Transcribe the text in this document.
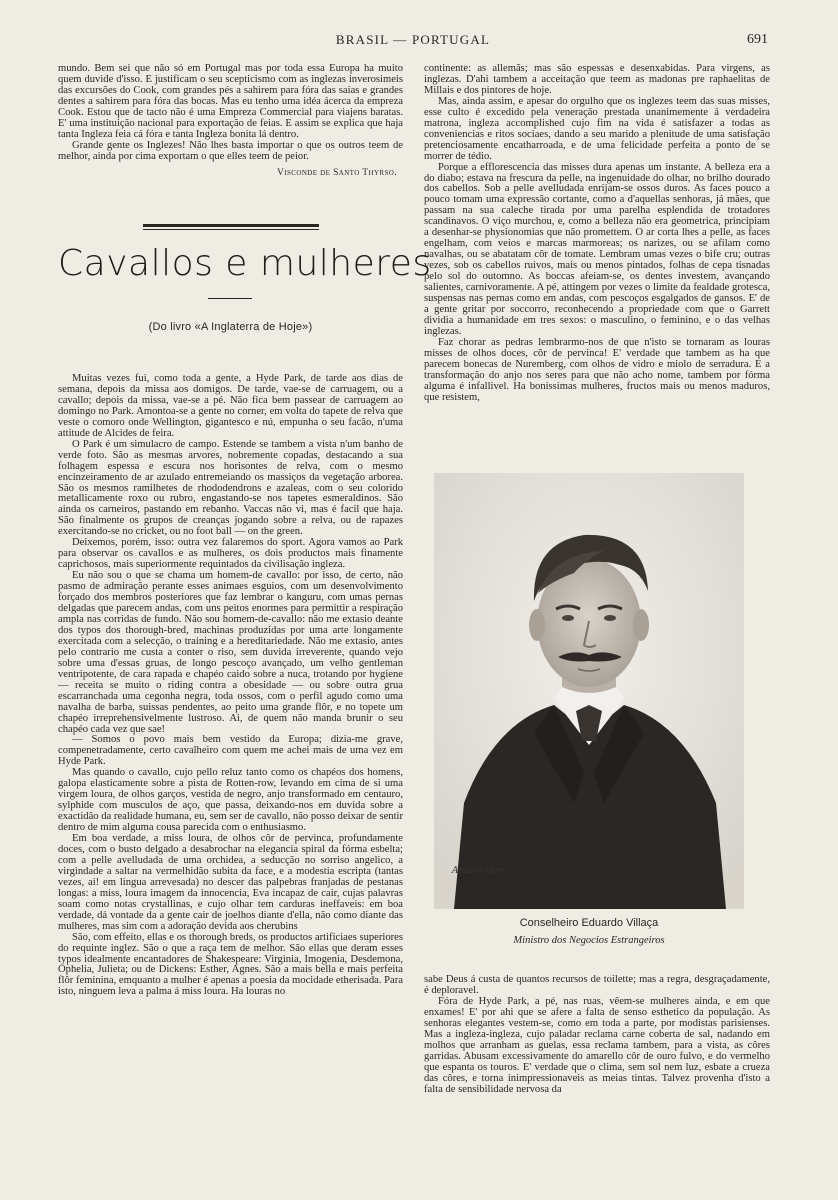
BRASIL — PORTUGAL	691

mundo. Bem sei que não só em Portugal mas por toda essa Europa ha muito quem duvide d'isso. E justificam o seu scepticismo com as inglezas inverosimeis das excursões do Cook, com grandes pés a sahirem para fóra das saias e grandes dentes a sahirem para fóra das bocas. Mas eu tenho uma idéa ácerca da empreza Cook. Estou que de tacto não é uma Empreza Commercial para viajens baratas. E' uma instituição nacional para exportação de feias. E assim se explica que haja tanta Ingleza feia cá fóra e tanta Ingleza bonita lá dentro.

Grande gente os Inglezes! Não lhes basta importar o que os outros teem de melhor, ainda por cima exportam o que elles teem de peior.

Visconde de Santo Thyrso.
Cavallos e mulheres
(Do livro «A Inglaterra de Hoje»)

Muitas vezes fui, como toda a gente, a Hyde Park, de tarde aos dias de semana, depois da missa aos domigos. De tarde, vae-se de carruagem, ou a cavallo; depois da missa, vae-se a pé. Não fica bem passear de carruagem ao domingo no Park. Amontoa-se a gente no corner, em volta do tapete de relva que veste o comoro onde Wellington, gigantesco e nú, empunha o seu facão, n'uma attitude de Alcides de feira.

O Park é um simulacro de campo. Estende se tambem a vista n'um banho de verde foto. São as mesmas arvores, nobremente copadas, destacando a sua folhagem espessa e escura nos horisontes de relva, com o mesmo encinzeiramento de ar azulado entremeiando os massiços da vegetação arborea. São os mesmos ramilhetes de rhododendrons e azaleas, com o seu colorido metallicamente roxo ou rubro, engastando-se nos tapetes esmeraldinos. São ainda os carneiros, pastando em rebanho. Vaccas não vi, mas é facil que haja. São finalmente os grupos de creanças jogando sobre a relva, ou de rapazes exercitando-se no cricket, ou no foot ball — on the green.

Deixemos, porém, isso: outra vez falaremos do sport. Agora vamos ao Park para observar os cavallos e as mulheres, os dois productos mais finamente caprichosos, mais superiormente requintados da civilisação ingleza.

Eu não sou o que se chama um homem-de cavallo: por isso, de certo, não pasmo de admiração perante esses animaes esguios, com um desenvolvimento forçado dos membros posteriores que faz lembrar o kanguru, com umas pernas delgadas que parecem andas, com uns peitos enormes para permittir a respiração ampla nas corridas de fundo. Não sou homem-de-cavallo: não me extasio deante dos typos dos thorough-bred, machinas produzidas por uma arte longamente exercitada com a selecção, o training e a hereditariedade. Não me extasio, antes pelo contrario me custa a conter o riso, sem duvida irreverente, quando vejo sobre uma d'essas gruas, de longo pescoço avançado, um velho gentleman ventripotente, de cara rapada e chapéo caido sobre a nuca, trotando por hygiene — receita se muito o riding contra a obesidade — ou sobre outra grua escarranchada uma cegonha negra, toda ossos, com o perfil agudo como uma navalha de barba, suissas pendentes, ao peito uma grande flôr, e no topete um chapéo irreprehensivelmente lustroso. Ai, de quem não manda brunir o seu chapéo cada vez que sae!

— Somos o povo mais bem vestido da Europa; dizia-me grave, compenetradamente, certo cavalheiro com quem me achei mais de uma vez em Hyde Park.

Mas quando o cavallo, cujo pello reluz tanto como os chapéos dos homens, galopa elasticamente sobre a pista de Rotten-row, levando em cima de si uma virgem loura, de olhos garços, vestida de negro, anjo transformado em centauro, sylphide com musculos de aço, que passa, deixando-nos em duvida sobre a exactidão da realidade humana, eu, sem ser de cavallo, não posso deixar de sentir dentro de mim alguma cousa parecida com o enthusiasmo.

Em boa verdade, a miss loura, de olhos côr de pervinca, profundamente doces, com o busto delgado a desabrochar na elegancia spiral da fórma esbelta; com a pelle avelludada de uma orchidea, a seducção no sorriso angelico, a virgindade a saltar na vermelhidão subita da face, e a modestia escripta (tantas vezes, ai! em lingua arrevesada) no descer das palpebras franjadas de pestanas longas: a miss, loura imagem da innocencia, Eva incapaz de cair, cujas palavras soam como notas crystallinas, e cujo olhar tem carduras ineffaveis: em boa verdade, dá vontade da a gente cair de joelhos diante d'ella, não como diante das mulheres, mas sim com a adoração devida aos cherubins

São, com effeito, ellas e os thorough breds, os productos artificiaes superiores do requinte inglez. São o que a raça tem de melhor. São ellas que deram esses typos idealmente encantadores de Shakespeare: Virginia, Imogenia, Desdemona, Ophelia, Julieta; ou de Dickens: Esther, Agnes. São a mais bella e mais perfeita flôr feminina, emquanto a mulher é apenas a poesia da mocidade etherisada. Para isto, ninguem leva a palma á miss loura. Ha louras no

continente: as allemãs; mas são espessas e desenxabidas. Para virgens, as inglezas. D'ahi tambem a acceitação que teem as madonas pre raphaelitas de Millais e dos pintores de hoje.

Mas, ainda assim, e apesar do orgulho que os inglezes teem das suas misses, esse culto é excedido pela veneração prestada unanimemente á verdadeira matrona, ingleza accomplished cujo fim na vida é satisfazer a todas as conveniencias e ritos sociaes, dando a seu marido a plenitude de uma satisfação pretenciosamente encatharroada, e de uma felicidade perfeita a ponto de se morrer de tédio.

Porque a efflorescencia das misses dura apenas um instante. A belleza era a do diabo; estava na frescura da pelle, na ingenuidade do olhar, no brilho dourado dos cabellos. Sob a pelle avelludada enrijam-se ossos duros. As faces pouco a pouco tomam uma expressão cortante, como a d'aquellas senhoras, já mães, que passam na sua caleche tirada por uma parelha esplendida de trotadores scandinavos. O viço murchou, e, como a belleza não era geometrica, principiam a desenhar-se physionomias que não promettem. O ar corta lhes a pelle, as faces engelham, com veios e marcas marmoreas; os narizes, ou se afilam como navalhas, ou se abatatam côr de tomate. Lembram umas vezes o bife cru; outras vezes, sob os cabellos ruivos, mais ou menos pintados, folhas de cepa tisnadas pelo sol do outomno. As boccas afeiam-se, os dentes investem, avançando salientes, carnivoramente. A pé, attingem por vezes o limite da fealdade grotesca, suspensas nas pernas como em andas, com pescoços esgalgados de gansos. E' de a gente gritar por soccorro, reconhecendo a propriedade com que o Garrett dividia a humanidade em tres sexos: o masculino, o feminino, e o das velhas inglezas.

Faz chorar as pedras lembrarmo-nos de que n'isto se tornaram as louras misses de olhos doces, côr de pervinca! E' verdade que tambem as ha que parecem bonecas de Nuremberg, com olhos de vidro e miolo de serradura. E a transformação do anjo nos seres para que não acho nome, tambem por fórma alguma é infallivel. Ha bonissimas mulheres, fructos mais ou menos maduros, que resistem,

Amaro Gon
Conselheiro Eduardo Villaça
Ministro dos Negocios Estrangeiros

sabe Deus á custa de quantos recursos de toilette; mas a regra, desgraçadamente, é deploravel.

Fóra de Hyde Park, a pé, nas ruas, vêem-se mulheres ainda, e em que enxames! E' por ahi que se afere a falta de senso esthetico da população. As senhoras elegantes vestem-se, como em toda a parte, por modistas parisienses. Mas a ingleza-ingleza, cujo paladar reclama carne coberta de sal, nadando em molhos que arranham as guelas, essa reclama tambem, para a vista, as côres garridas. Abusam excessivamente do amarello côr de ouro fulvo, e do vermelho que espanta os touros. E' verdade que o clima, sem sol nem luz, esbate a crueza das côres, e torna inimpressionaveis as meias tintas. Talvez provenha d'isto a falta de sensibilidade nervosa da
